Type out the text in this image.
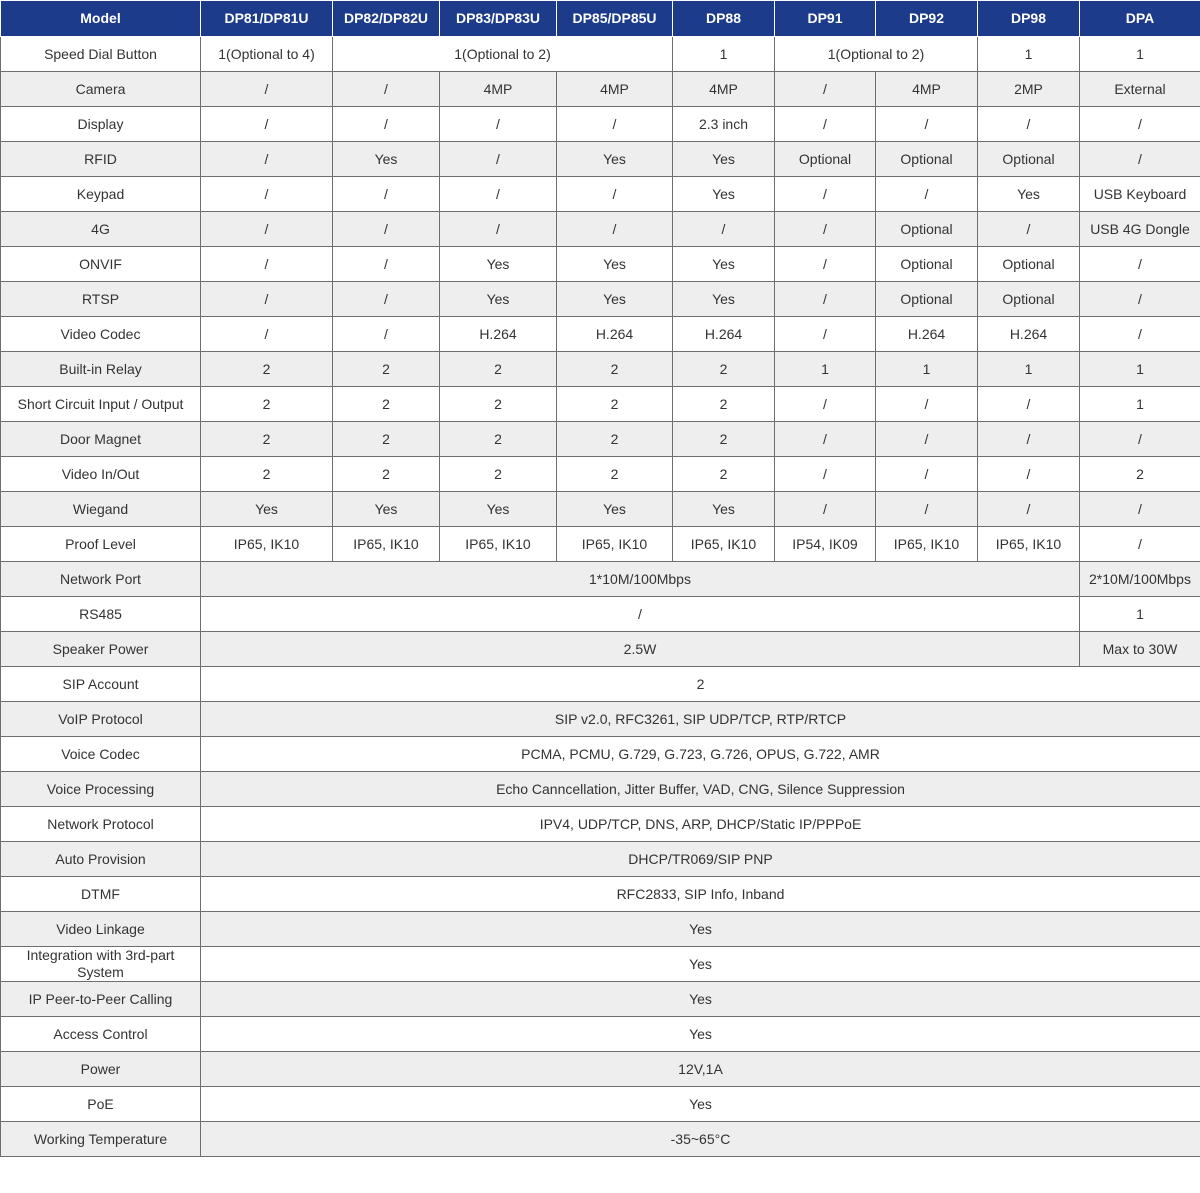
Model	DP81/DP81U	DP82/DP82U	DP83/DP83U	DP85/DP85U	DP88	DP91	DP92	DP98	DPA
Speed Dial Button	1(Optional to 4)	1(Optional to 2)			1	1(Optional to 2)		1	1
Camera	/	/	4MP	4MP	4MP	/	4MP	2MP	External
Display	/	/	/	/	2.3 inch	/	/	/	/
RFID	/	Yes	/	Yes	Yes	Optional	Optional	Optional	/
Keypad	/	/	/	/	Yes	/	/	Yes	USB Keyboard
4G	/	/	/	/	/	/	Optional	/	USB 4G Dongle
ONVIF	/	/	Yes	Yes	Yes	/	Optional	Optional	/
RTSP	/	/	Yes	Yes	Yes	/	Optional	Optional	/
Video Codec	/	/	H.264	H.264	H.264	/	H.264	H.264	/
Built-in Relay	2	2	2	2	2	1	1	1	1
Short Circuit Input / Output	2	2	2	2	2	/	/	/	1
Door Magnet	2	2	2	2	2	/	/	/	/
Video In/Out	2	2	2	2	2	/	/	/	2
Wiegand	Yes	Yes	Yes	Yes	Yes	/	/	/	/
Proof Level	IP65, IK10	IP65, IK10	IP65, IK10	IP65, IK10	IP65, IK10	IP54, IK09	IP65, IK10	IP65, IK10	/
Network Port	1*10M/100Mbps								2*10M/100Mbps
RS485	/								1
Speaker Power	2.5W								Max to 30W
SIP Account	2								
VoIP Protocol	SIP v2.0, RFC3261, SIP UDP/TCP, RTP/RTCP								
Voice Codec	PCMA, PCMU, G.729, G.723, G.726, OPUS, G.722, AMR								
Voice Processing	Echo Canncellation, Jitter Buffer, VAD, CNG, Silence Suppression								
Network Protocol	IPV4, UDP/TCP, DNS, ARP, DHCP/Static IP/PPPoE								
Auto Provision	DHCP/TR069/SIP PNP								
DTMF	RFC2833, SIP Info, Inband								
Video Linkage	Yes								
Integration with 3rd-part System	Yes								
IP Peer-to-Peer Calling	Yes								
Access Control	Yes								
Power	12V,1A								
PoE	Yes								
Working Temperature	-35~65°C								
